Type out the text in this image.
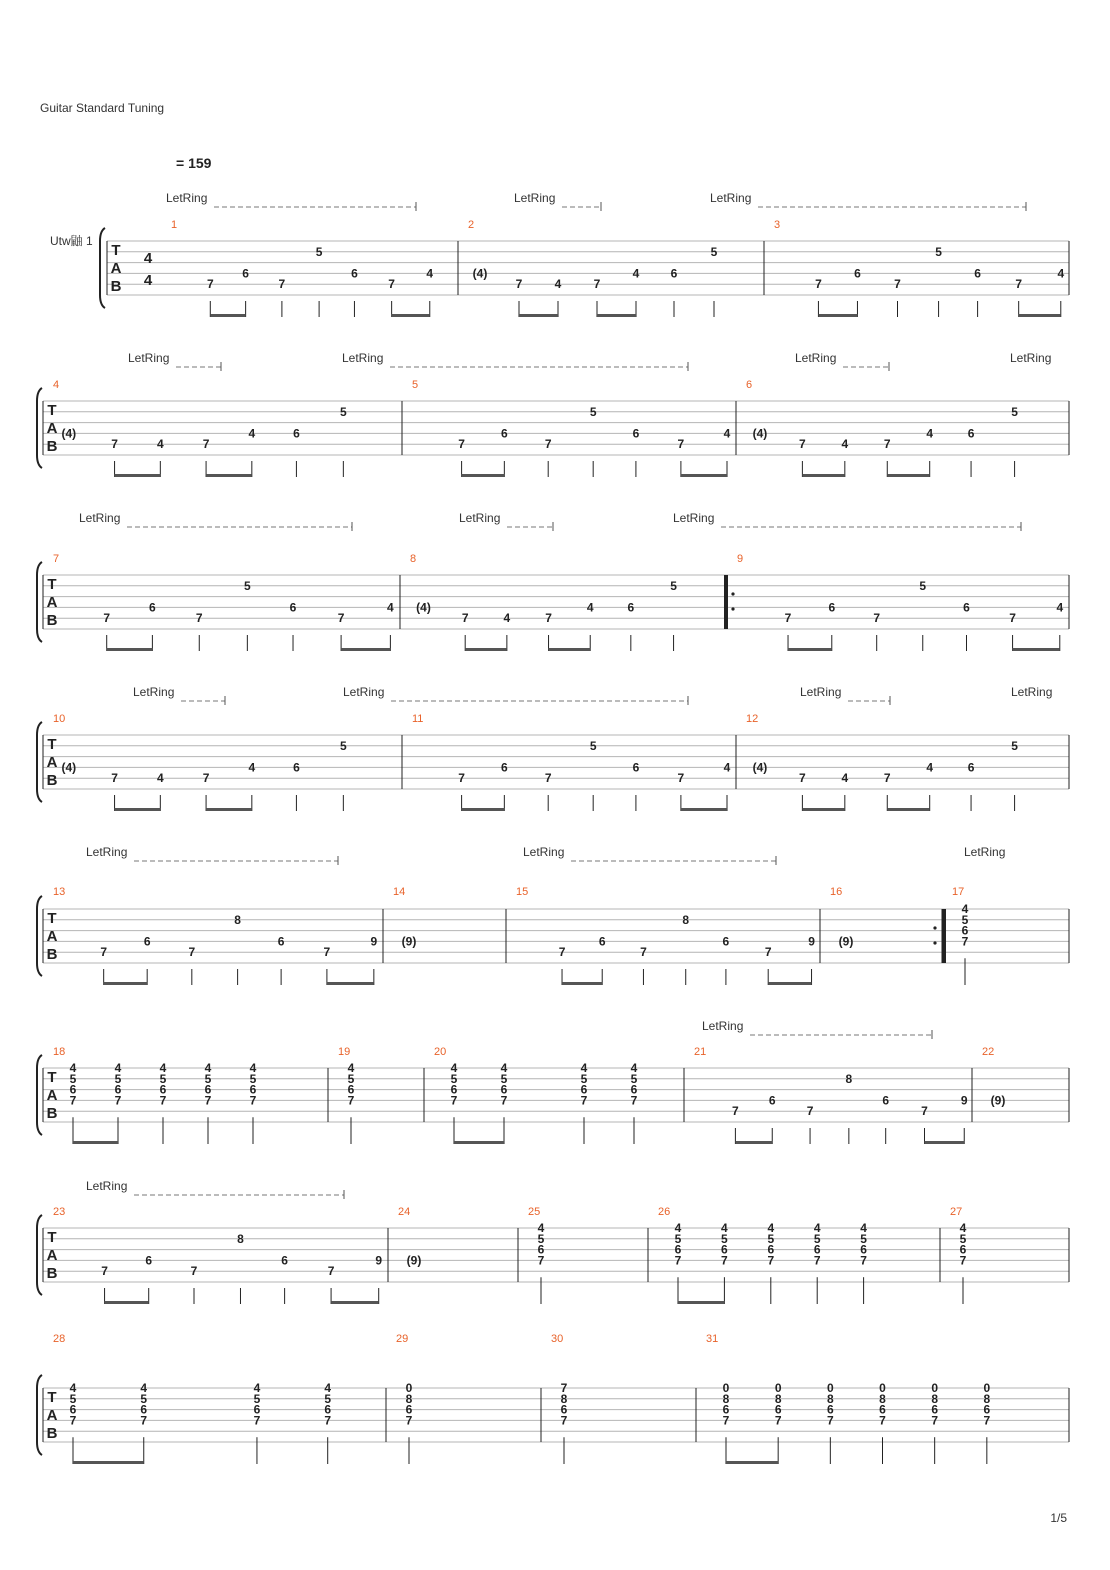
Guitar Standard Tuning
Utw鼬 1
= 159
1/5
T
A
B
4
4
LetRing	LetRing	LetRing
1
7
6
7
5
6
7
4
2
(4)
7	4	7
4	6
5
3
7
6
7
5
6
7
4
T
A
B
LetRing	LetRing	LetRing	LetRing
4
(4)
7	4	7
4	6
5
5
7
6
7
5
6
7
4
6
(4)
7	4	7
4	6
5
T
A
B
LetRing	LetRing	LetRing
7
7
6
7
5
6
7
4
8
(4)
7	4	7
4	6
5
9
7
6
7
5
6
7
4
T
A
B
LetRing	LetRing	LetRing	LetRing
10
(4)
7	4	7
4	6
5
11
7
6
7
5
6
7
4
12
(4)
7	4	7
4	6
5
T
A
B
LetRing	LetRing	LetRing
13
7
6
7
8
6
7
9
14
(9)
15
7
6
7
8
6
7
9
16
(9)
17
4
5
6
7
T
A
B
LetRing
18
4
5
6
7
4
5
6
7
4
5
6
7
4
5
6
7
4
5
6
7
19
4
5
6
7
20
4
5
6
7
4
5
6
7
4
5
6
7
4
5
6
7
21
7
6
7
8
6
7
9
22
(9)
T
A
B
LetRing
23
7
6
7
8
6
7
9
24
(9)
25
4
5
6
7
26
4
5
6
7
4
5
6
7
4
5
6
7
4
5
6
7
4
5
6
7
27
4
5
6
7
T
A
B
28
4
5
6
7
4
5
6
7
4
5
6
7
4
5
6
7
29
0
8
6
7
30
7
8
6
7
31
0
8
6
7
0
8
6
7
0
8
6
7
0
8
6
7
0
8
6
7
0
8
6
7
